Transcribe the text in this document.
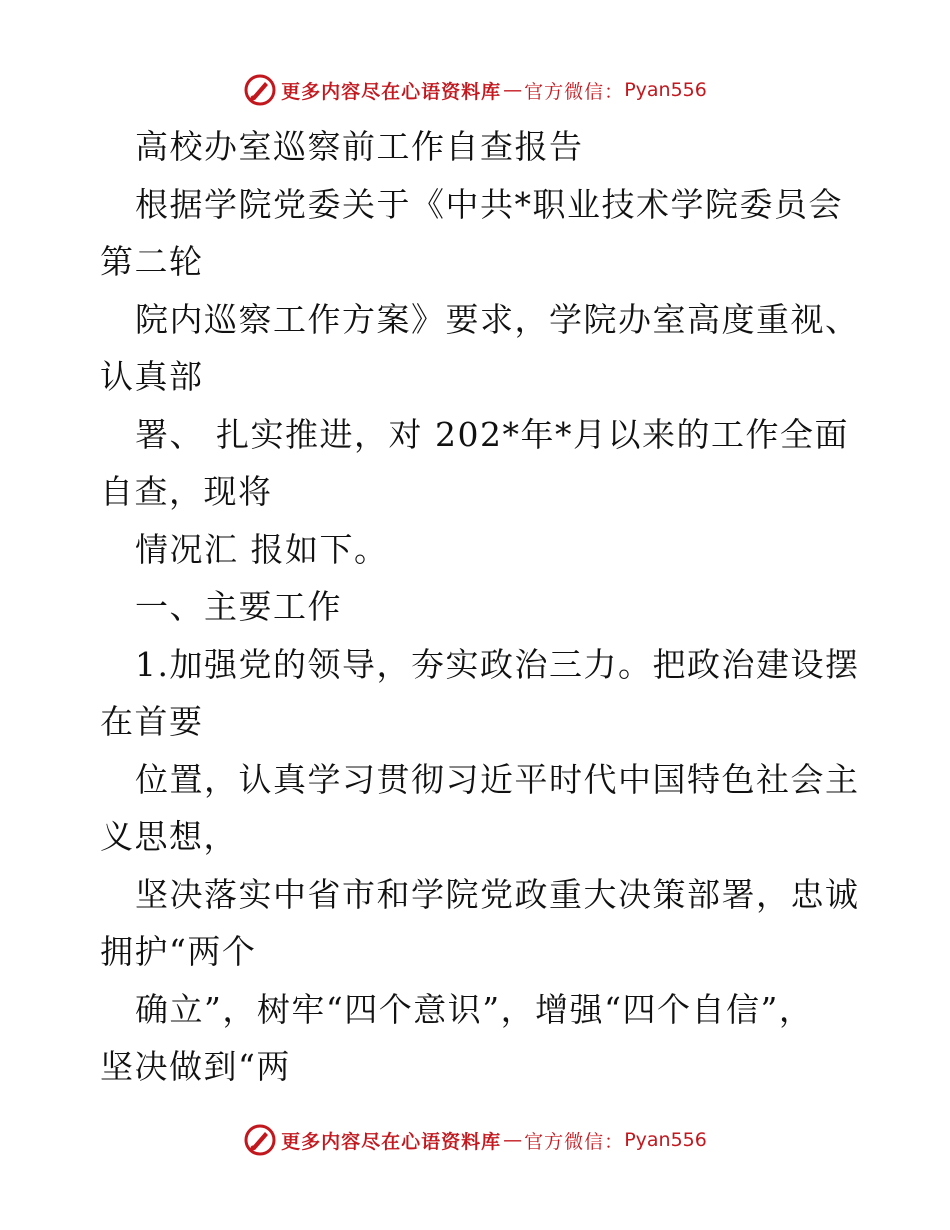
更多内容尽在心语资料库 — 官方微信： Pyan556
高校办室巡察前工作自查报告
根据学院党委关于《中共*职业技术学院委员会
第二轮
院内巡察工作方案》要求，学院办室高度重视、
认真部
署、 扎实推进，对 202*年*月以来的工作全面
自查，现将
情况汇 报如下。
一、主要工作
1.加强党的领导，夯实政治三力。把政治建设摆
在首要
位置，认真学习贯彻习近平时代中国特色社会主
义思想，
坚决落实中省市和学院党政重大决策部署，忠诚
拥护“两个
确立”，树牢“四个意识”，增强“四个自信”，
坚决做到“两
更多内容尽在心语资料库 — 官方微信： Pyan556
